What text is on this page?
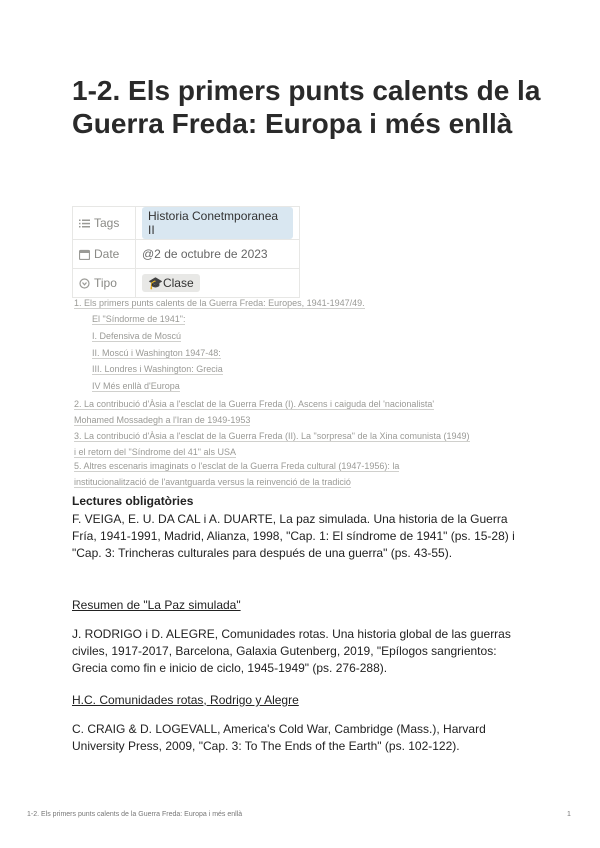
1-2. Els primers punts calents de la Guerra Freda: Europa i més enllà
Tags	Historia Conetmporanea II
Date	@2 de octubre de 2023
Tipo	🎓Clase
1. Els primers punts calents de la Guerra Freda: Europes, 1941-1947/49.
El "Síndorme de 1941":
I. Defensiva de Moscú
II. Moscú i Washington 1947-48:
III. Londres i Washington: Grecia
IV Més enllà d'Europa
2. La contribució d'Àsia a l'esclat de la Guerra Freda (I). Ascens i caiguda del 'nacionalista' Mohamed Mossadegh a l'Iran de 1949-1953
3. La contribució d'Àsia a l'esclat de la Guerra Freda (II). La "sorpresa" de la Xina comunista (1949) i el retorn del "Síndrome del 41" als USA
5. Altres escenaris imaginats o l'esclat de la Guerra Freda cultural (1947-1956): la institucionalització de l'avantguarda versus la reinvenció de la tradició
Lectures obligatòries

F. VEIGA, E. U. DA CAL i A. DUARTE, La paz simulada. Una historia de la Guerra Fría, 1941-1991, Madrid, Alianza, 1998, "Cap. 1: El síndrome de 1941" (ps. 15-28) i "Cap. 3: Trincheras culturales para después de una guerra" (ps. 43-55).

Resumen de "La Paz simulada"

J. RODRIGO i D. ALEGRE, Comunidades rotas. Una historia global de las guerras civiles, 1917-2017, Barcelona, Galaxia Gutenberg, 2019, "Epílogos sangrientos: Grecia como fin e inicio de ciclo, 1945-1949" (ps. 276-288).

H.C. Comunidades rotas, Rodrigo y Alegre

C. CRAIG & D. LOGEVALL, America's Cold War, Cambridge (Mass.), Harvard University Press, 2009, "Cap. 3: To The Ends of the Earth" (ps. 102-122).

1-2. Els primers punts calents de la Guerra Freda: Europa i més enllà	1
